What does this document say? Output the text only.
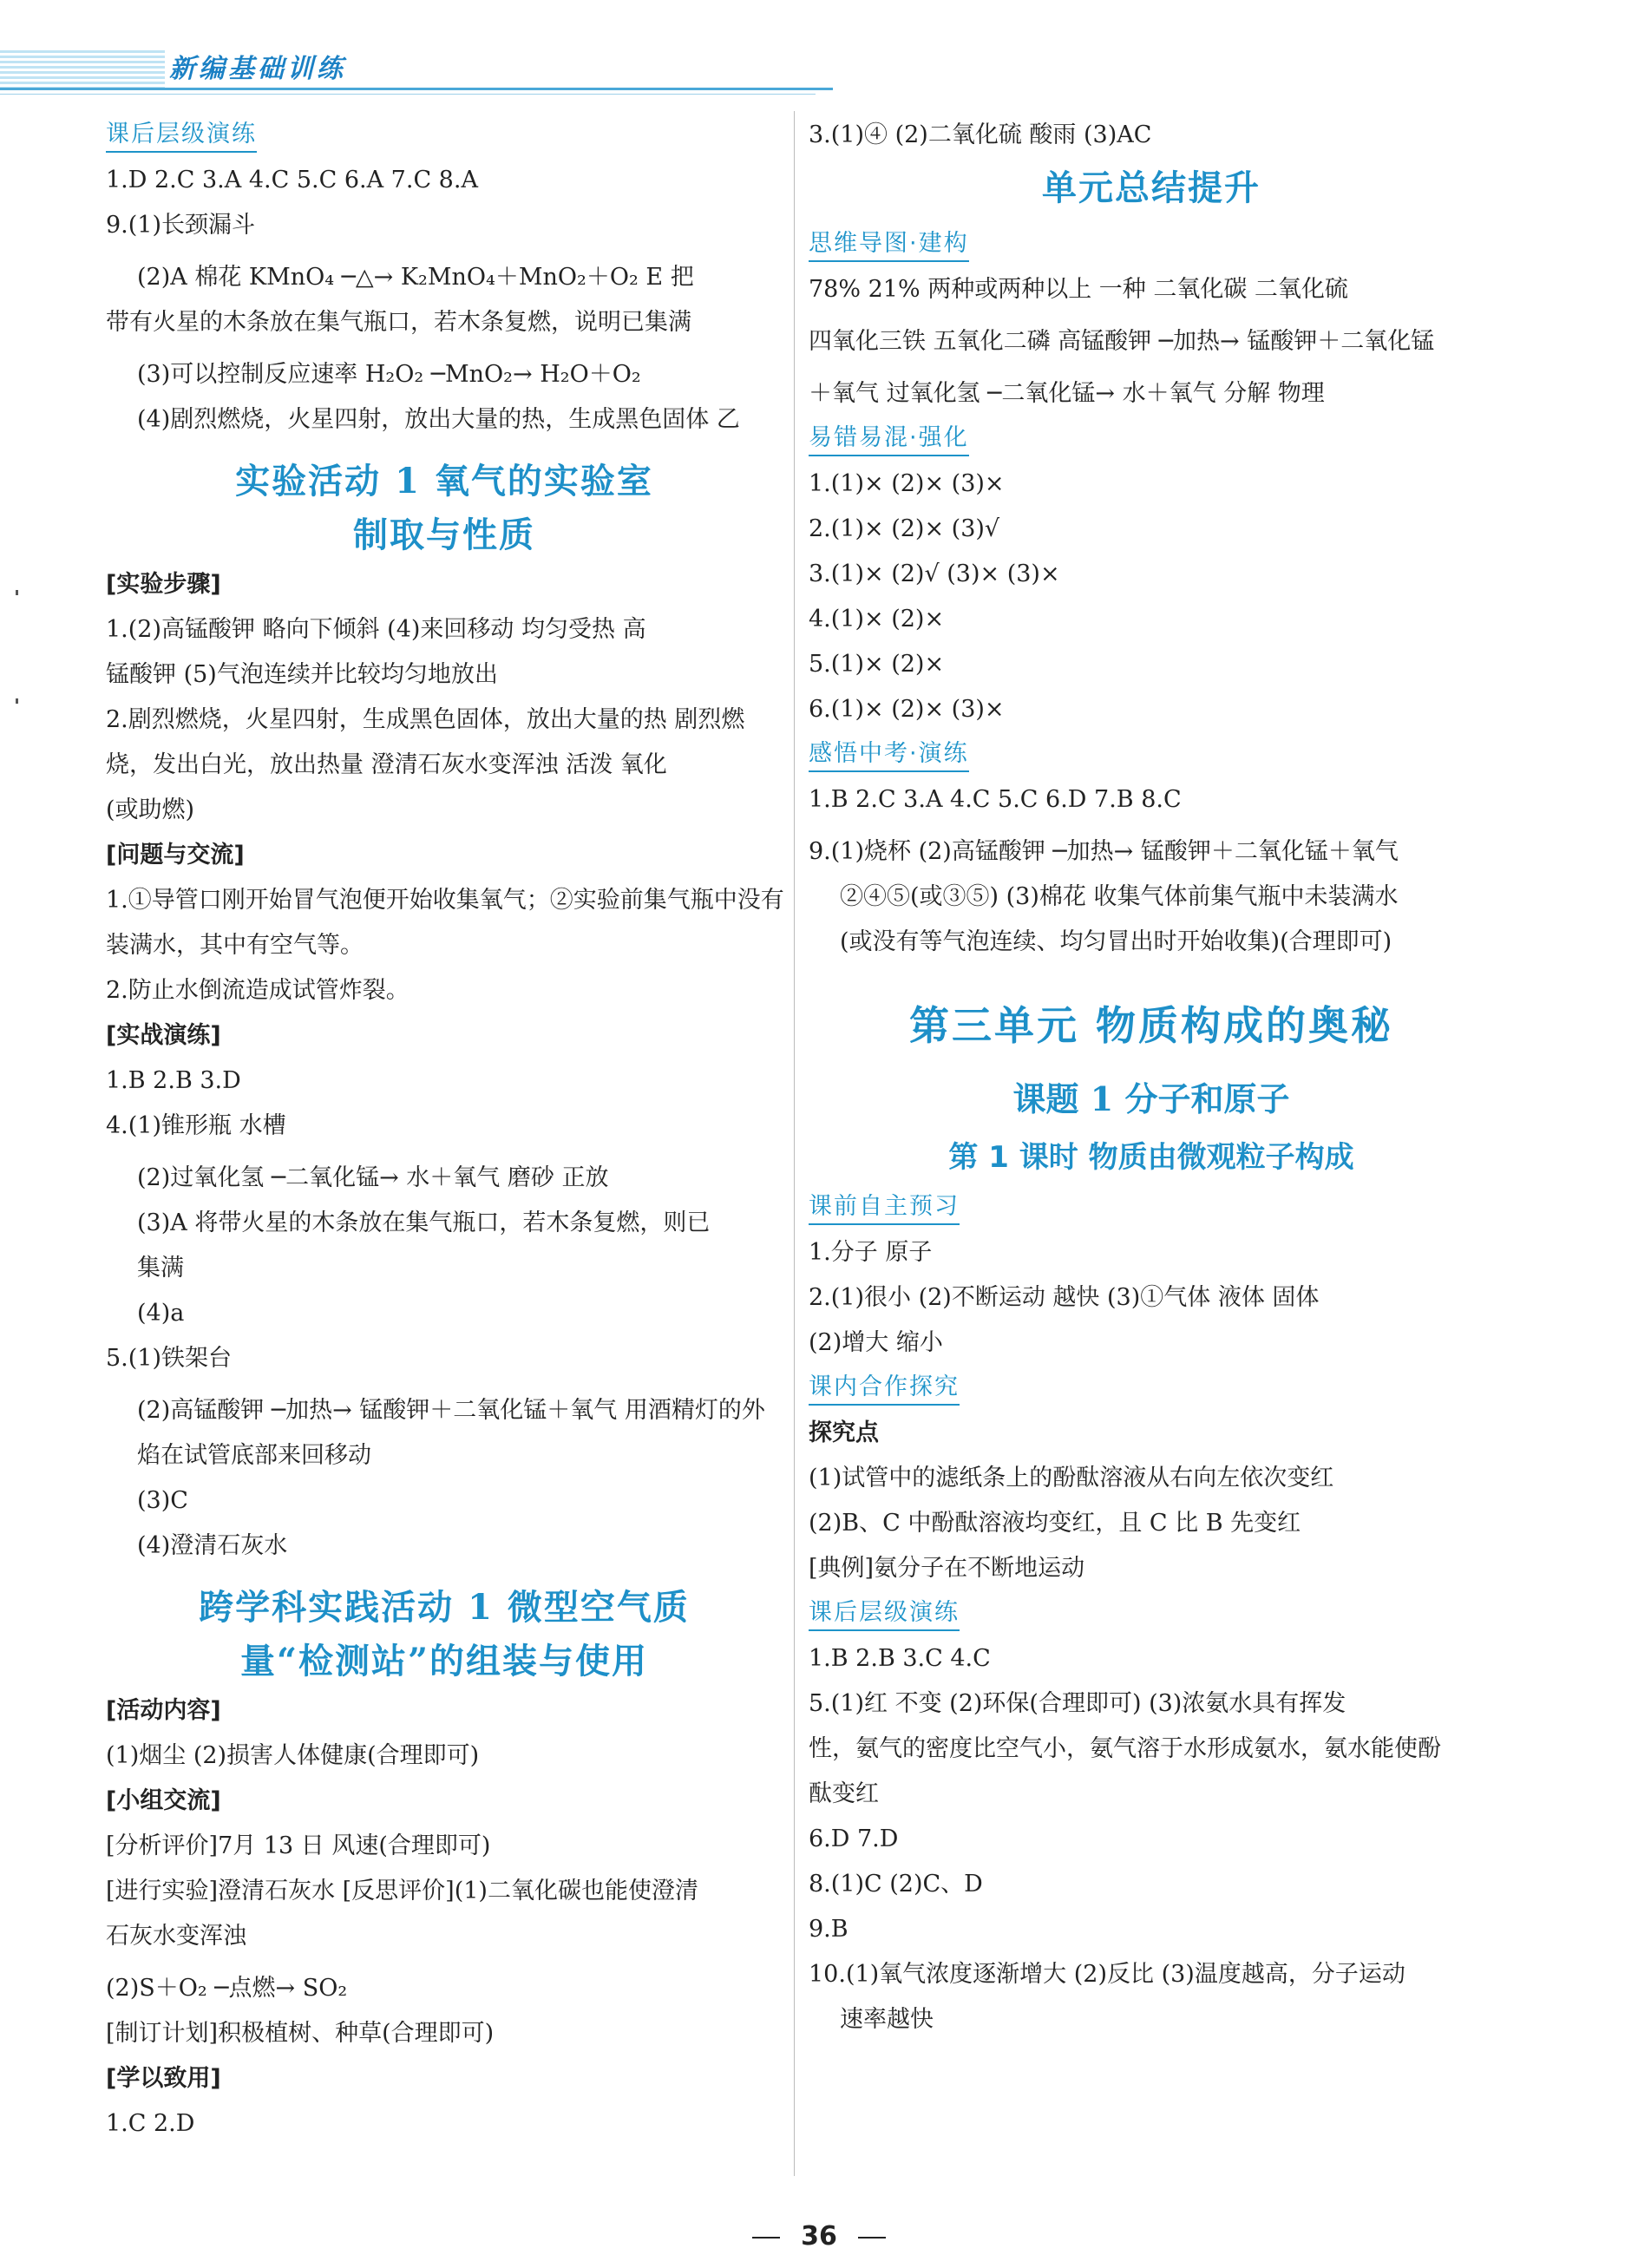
新编基础训练
课后层级演练
1.D 2.C 3.A 4.C 5.C 6.A 7.C 8.A
9.(1)长颈漏斗
(2)A 棉花 KMnO₄ ─△→ K₂MnO₄＋MnO₂＋O₂ E 把
带有火星的木条放在集气瓶口，若木条复燃，说明已集满
(3)可以控制反应速率 H₂O₂ ─MnO₂→ H₂O＋O₂
(4)剧烈燃烧，火星四射，放出大量的热，生成黑色固体 乙
实验活动 1 氧气的实验室
制取与性质
[实验步骤]
1.(2)高锰酸钾 略向下倾斜 (4)来回移动 均匀受热 高
锰酸钾 (5)气泡连续并比较均匀地放出
2.剧烈燃烧，火星四射，生成黑色固体，放出大量的热 剧烈燃
烧，发出白光，放出热量 澄清石灰水变浑浊 活泼 氧化
(或助燃)
[问题与交流]
1.①导管口刚开始冒气泡便开始收集氧气；②实验前集气瓶中没有
装满水，其中有空气等。
2.防止水倒流造成试管炸裂。
[实战演练]
1.B 2.B 3.D
4.(1)锥形瓶 水槽
(2)过氧化氢 ─二氧化锰→ 水＋氧气 磨砂 正放
(3)A 将带火星的木条放在集气瓶口，若木条复燃，则已
集满
(4)a
5.(1)铁架台
(2)高锰酸钾 ─加热→ 锰酸钾＋二氧化锰＋氧气 用酒精灯的外
焰在试管底部来回移动
(3)C
(4)澄清石灰水
跨学科实践活动 1 微型空气质
量“检测站”的组装与使用
[活动内容]
(1)烟尘 (2)损害人体健康(合理即可)
[小组交流]
[分析评价]7月 13 日 风速(合理即可)
[进行实验]澄清石灰水 [反思评价](1)二氧化碳也能使澄清
石灰水变浑浊
(2)S＋O₂ ─点燃→ SO₂
[制订计划]积极植树、种草(合理即可)
[学以致用]
1.C 2.D
3.(1)④ (2)二氧化硫 酸雨 (3)AC
单元总结提升
思维导图·建构
78% 21% 两种或两种以上 一种 二氧化碳 二氧化硫
四氧化三铁 五氧化二磷 高锰酸钾 ─加热→ 锰酸钾＋二氧化锰
＋氧气 过氧化氢 ─二氧化锰→ 水＋氧气 分解 物理
易错易混·强化
1.(1)× (2)× (3)×
2.(1)× (2)× (3)√
3.(1)× (2)√ (3)× (3)×
4.(1)× (2)×
5.(1)× (2)×
6.(1)× (2)× (3)×
感悟中考·演练
1.B 2.C 3.A 4.C 5.C 6.D 7.B 8.C
9.(1)烧杯 (2)高锰酸钾 ─加热→ 锰酸钾＋二氧化锰＋氧气
②④⑤(或③⑤) (3)棉花 收集气体前集气瓶中未装满水
(或没有等气泡连续、均匀冒出时开始收集)(合理即可)
第三单元 物质构成的奥秘
课题 1 分子和原子
第 1 课时 物质由微观粒子构成
课前自主预习
1.分子 原子
2.(1)很小 (2)不断运动 越快 (3)①气体 液体 固体
(2)增大 缩小
课内合作探究
探究点
(1)试管中的滤纸条上的酚酞溶液从右向左依次变红
(2)B、C 中酚酞溶液均变红，且 C 比 B 先变红
[典例]氨分子在不断地运动
课后层级演练
1.B 2.B 3.C 4.C
5.(1)红 不变 (2)环保(合理即可) (3)浓氨水具有挥发
性，氨气的密度比空气小，氨气溶于水形成氨水，氨水能使酚
酞变红
6.D 7.D
8.(1)C (2)C、D
9.B
10.(1)氧气浓度逐渐增大 (2)反比 (3)温度越高，分子运动
速率越快
36
